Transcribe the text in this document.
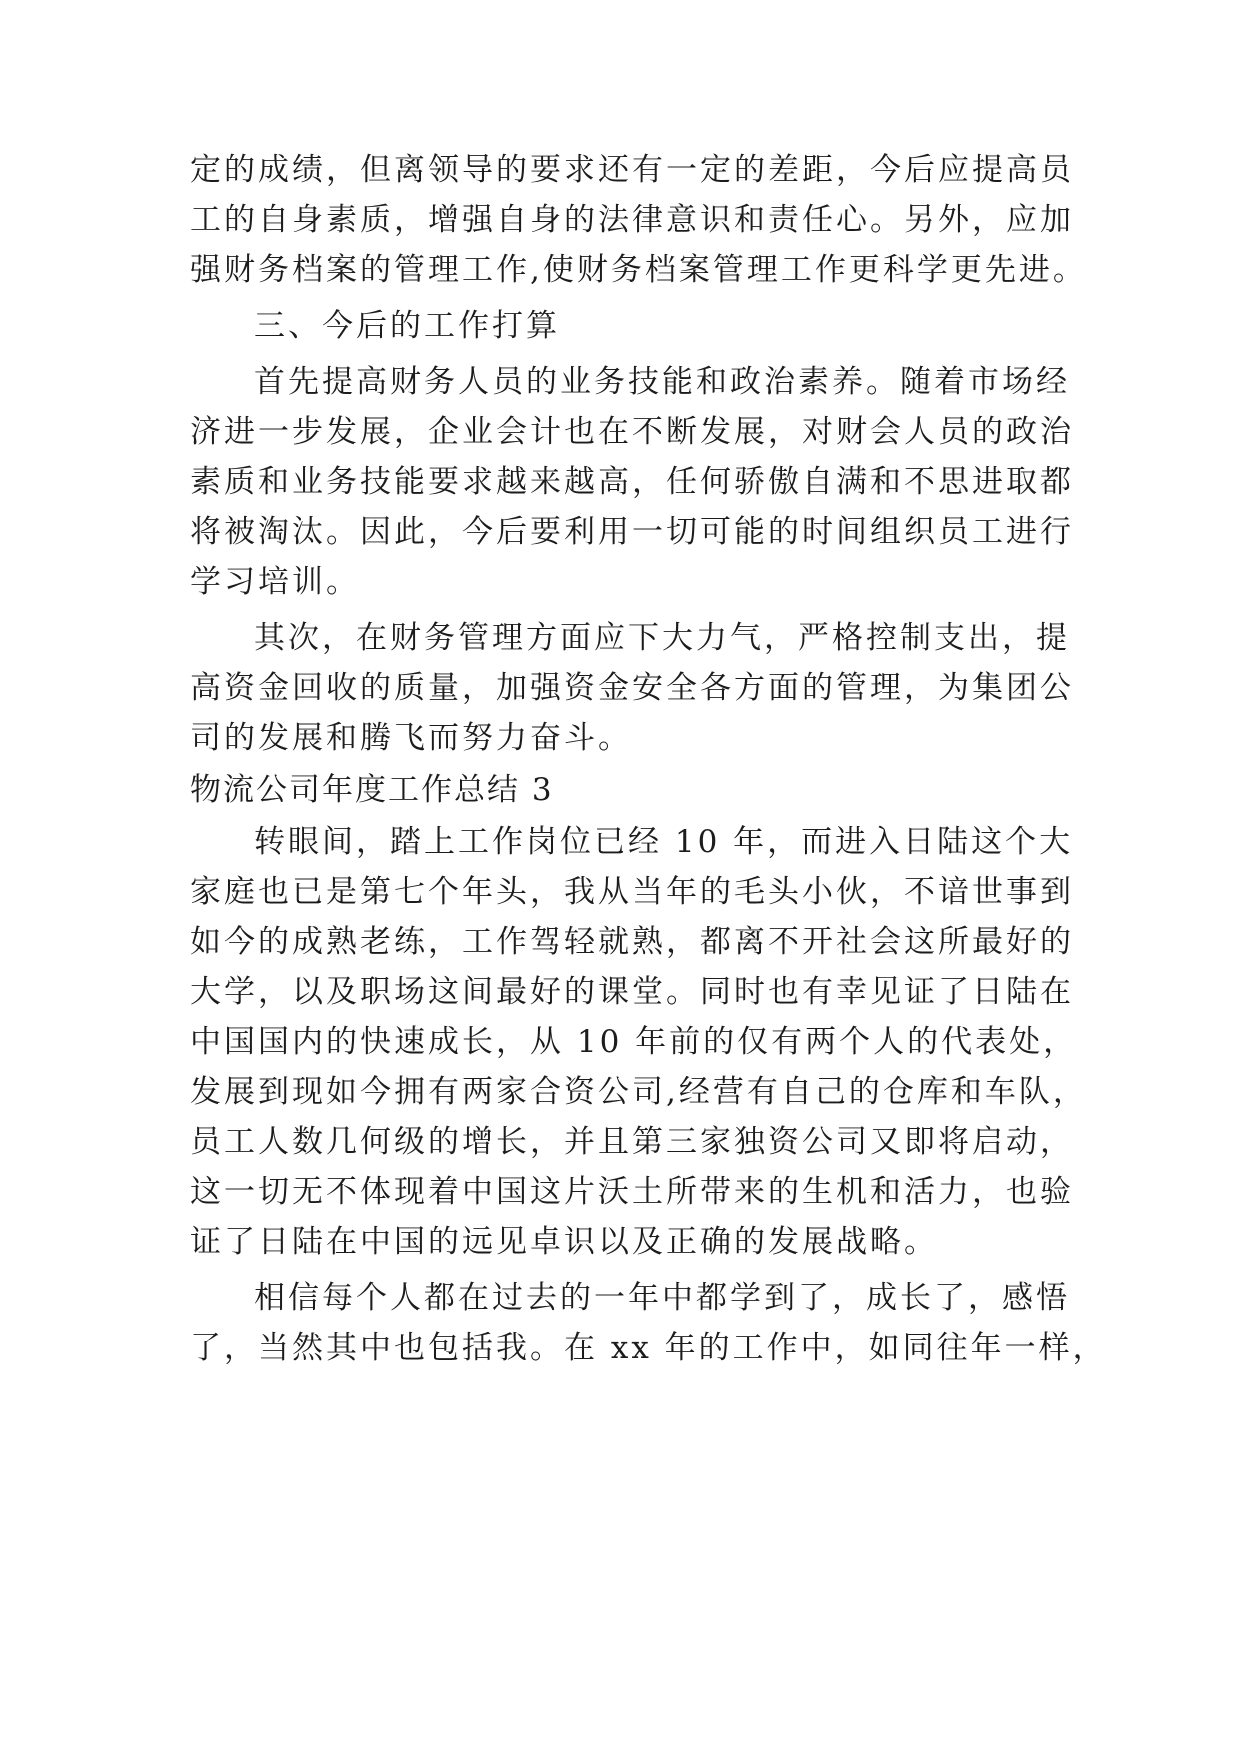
定的成绩，但离领导的要求还有一定的差距，今后应提高员
工的自身素质，增强自身的法律意识和责任心。另外，应加
强财务档案的管理工作,使财务档案管理工作更科学更先进。
三、今后的工作打算
首先提高财务人员的业务技能和政治素养。随着市场经
济进一步发展，企业会计也在不断发展，对财会人员的政治
素质和业务技能要求越来越高，任何骄傲自满和不思进取都
将被淘汰。因此，今后要利用一切可能的时间组织员工进行
学习培训。
其次，在财务管理方面应下大力气，严格控制支出，提
高资金回收的质量，加强资金安全各方面的管理，为集团公
司的发展和腾飞而努力奋斗。
物流公司年度工作总结 3
转眼间，踏上工作岗位已经 10 年，而进入日陆这个大
家庭也已是第七个年头，我从当年的毛头小伙，不谙世事到
如今的成熟老练，工作驾轻就熟，都离不开社会这所最好的
大学，以及职场这间最好的课堂。同时也有幸见证了日陆在
中国国内的快速成长，从 10 年前的仅有两个人的代表处，
发展到现如今拥有两家合资公司,经营有自己的仓库和车队，
员工人数几何级的增长，并且第三家独资公司又即将启动，
这一切无不体现着中国这片沃土所带来的生机和活力，也验
证了日陆在中国的远见卓识以及正确的发展战略。
相信每个人都在过去的一年中都学到了，成长了，感悟
了，当然其中也包括我。在 xx 年的工作中，如同往年一样，
